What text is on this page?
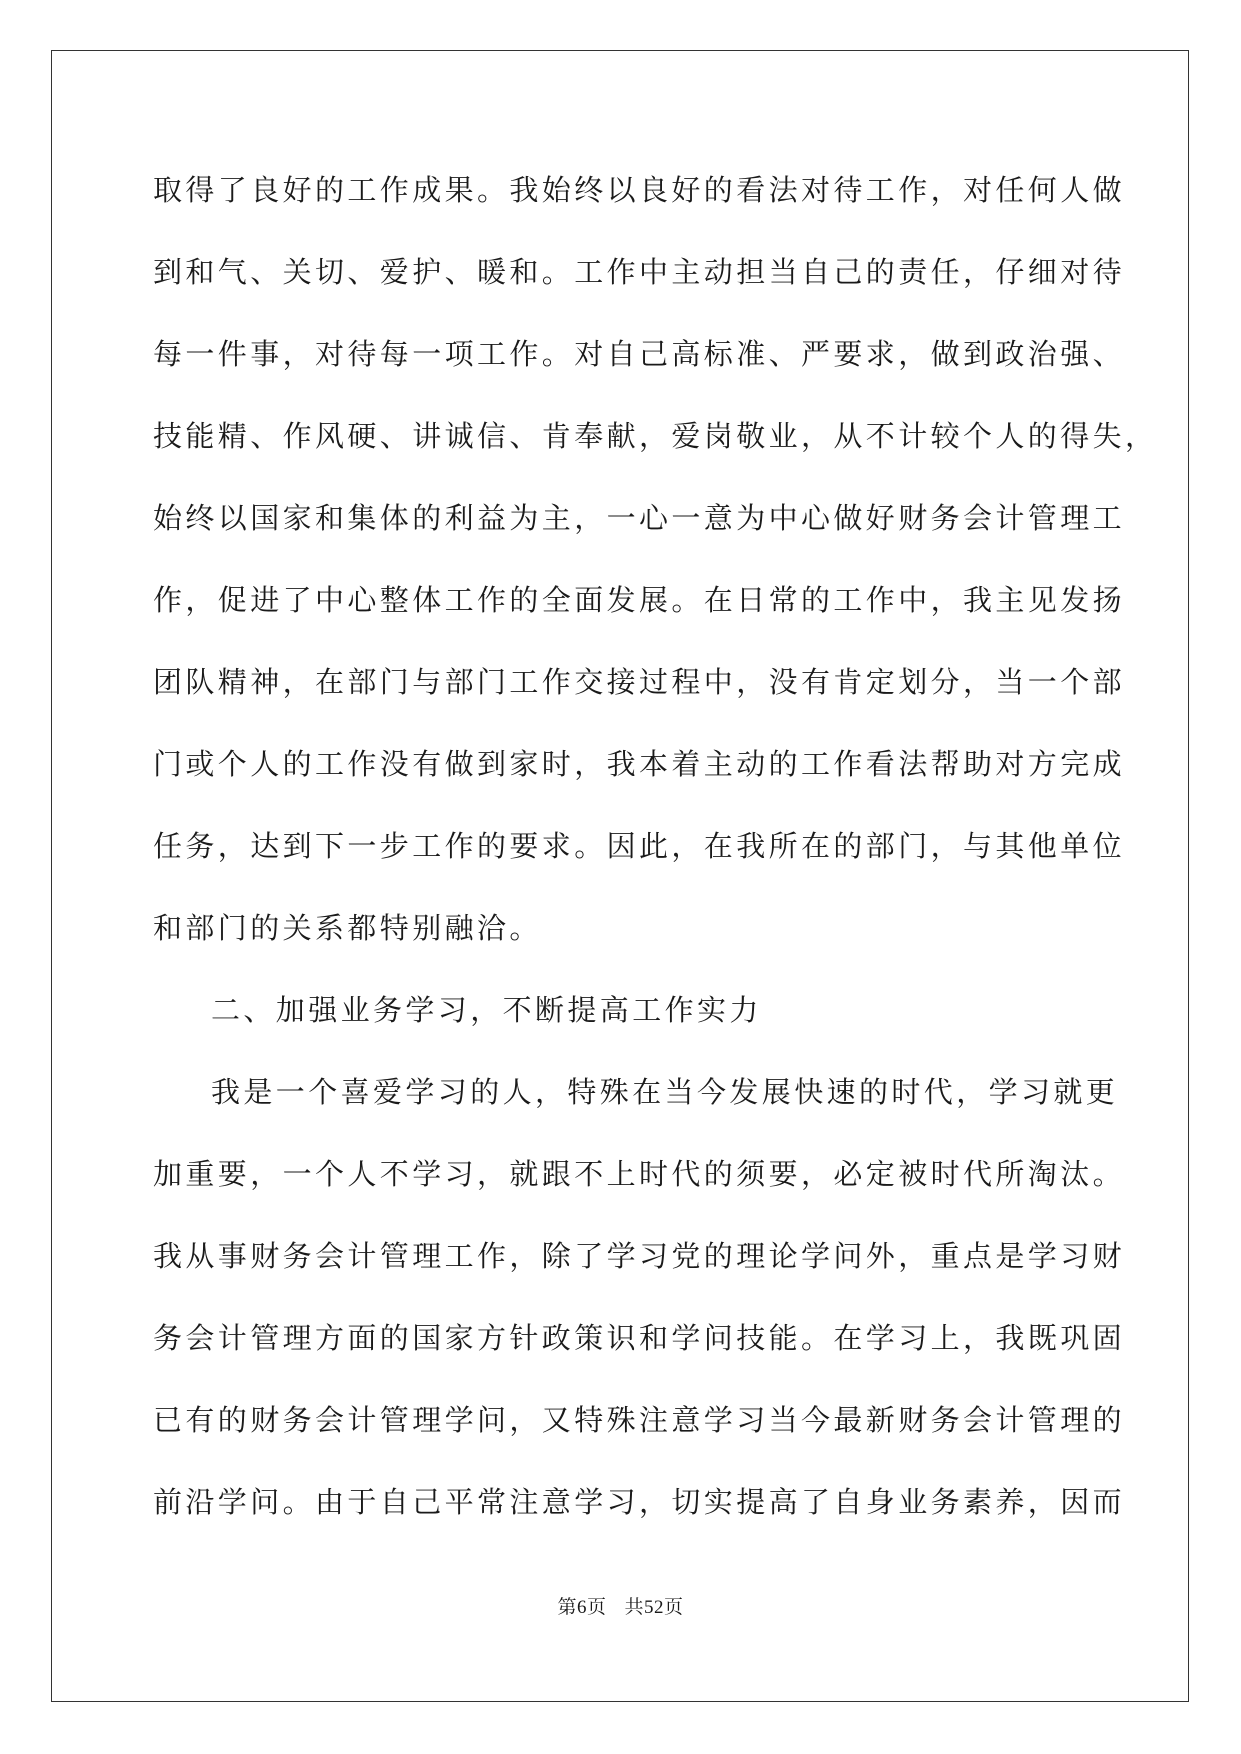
取得了良好的工作成果。我始终以良好的看法对待工作，对任何人做
到和气、关切、爱护、暖和。工作中主动担当自己的责任，仔细对待
每一件事，对待每一项工作。对自己高标准、严要求，做到政治强、
技能精、作风硬、讲诚信、肯奉献，爱岗敬业，从不计较个人的得失，
始终以国家和集体的利益为主，一心一意为中心做好财务会计管理工
作，促进了中心整体工作的全面发展。在日常的工作中，我主见发扬
团队精神，在部门与部门工作交接过程中，没有肯定划分，当一个部
门或个人的工作没有做到家时，我本着主动的工作看法帮助对方完成
任务，达到下一步工作的要求。因此，在我所在的部门，与其他单位
和部门的关系都特别融洽。
二、加强业务学习，不断提高工作实力
我是一个喜爱学习的人，特殊在当今发展快速的时代，学习就更
加重要，一个人不学习，就跟不上时代的须要，必定被时代所淘汰。
我从事财务会计管理工作，除了学习党的理论学问外，重点是学习财
务会计管理方面的国家方针政策识和学问技能。在学习上，我既巩固
已有的财务会计管理学问，又特殊注意学习当今最新财务会计管理的
前沿学问。由于自己平常注意学习，切实提高了自身业务素养，因而
第6页 共52页
